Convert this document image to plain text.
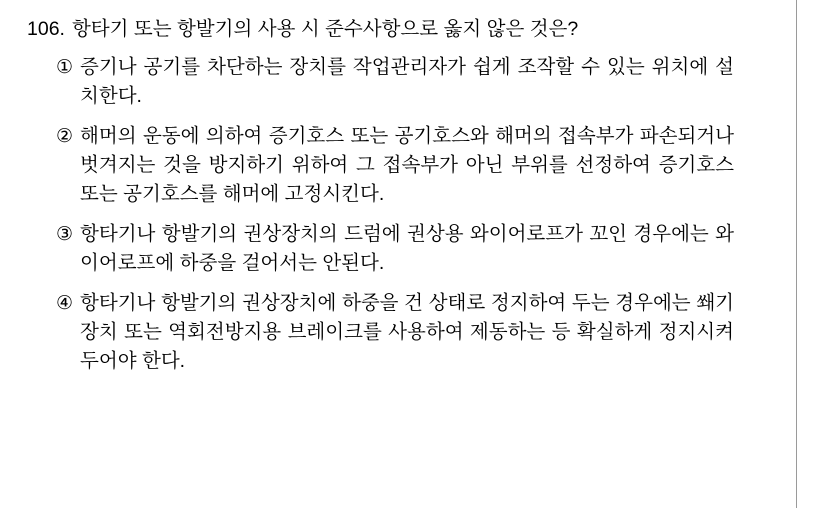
106. 항타기 또는 항발기의 사용 시 준수사항으로 옳지 않은 것은?
① 증기나 공기를 차단하는 장치를 작업관리자가 쉽게 조작할 수 있는 위치에 설치한다.
② 해머의 운동에 의하여 증기호스 또는 공기호스와 해머의 접속부가 파손되거나 벗겨지는 것을 방지하기 위하여 그 접속부가 아닌 부위를 선정하여 증기호스 또는 공기호스를 해머에 고정시킨다.
③ 항타기나 항발기의 권상장치의 드럼에 권상용 와이어로프가 꼬인 경우에는 와이어로프에 하중을 걸어서는 안된다.
④ 항타기나 항발기의 권상장치에 하중을 건 상태로 정지하여 두는 경우에는 쐐기장치 또는 역회전방지용 브레이크를 사용하여 제동하는 등 확실하게 정지시켜 두어야 한다.
